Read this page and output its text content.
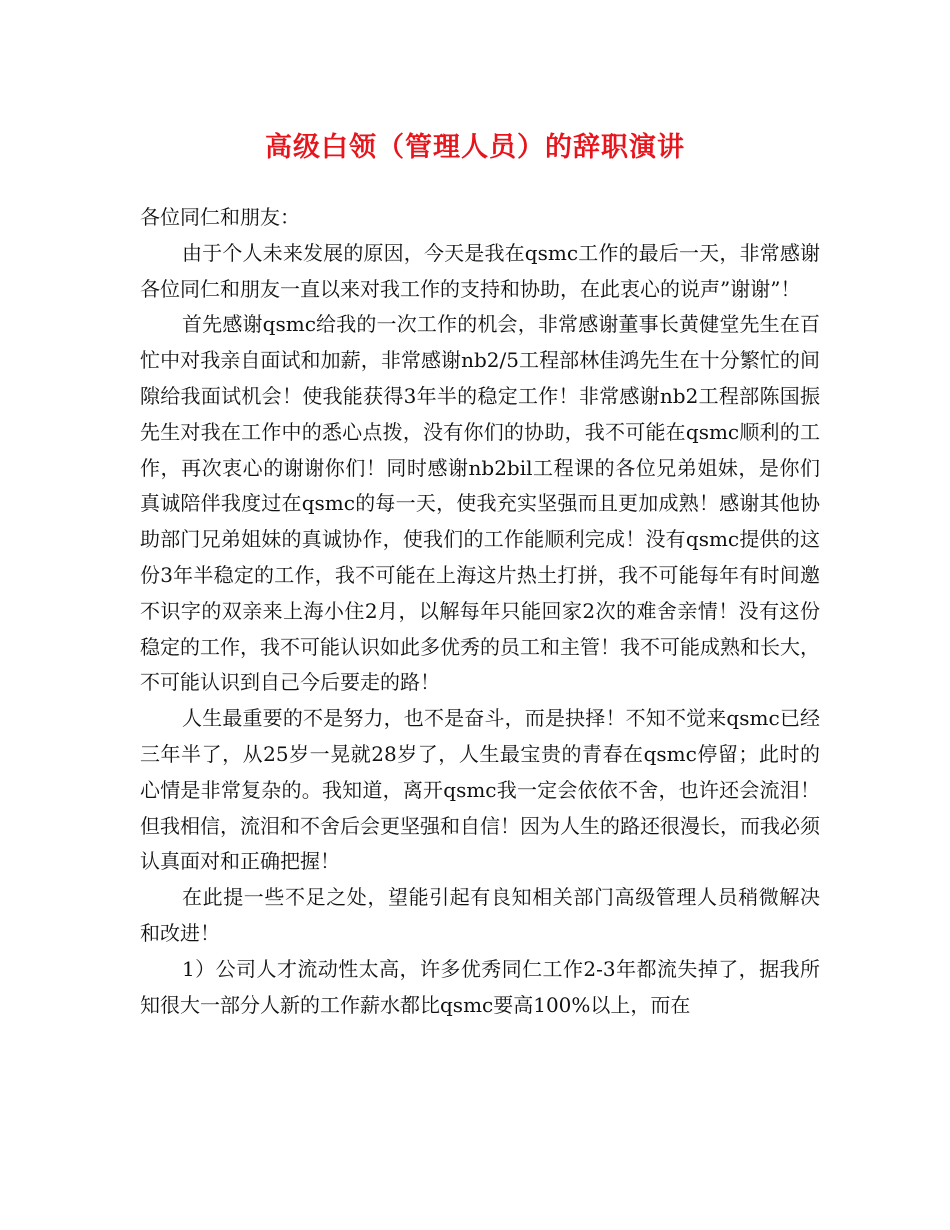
高级白领（管理人员）的辞职演讲

各位同仁和朋友：

由于个人未来发展的原因，今天是我在qsmc工作的最后一天，非常感谢各位同仁和朋友一直以来对我工作的支持和协助，在此衷心的说声”谢谢”！

首先感谢qsmc给我的一次工作的机会，非常感谢董事长黄健堂先生在百忙中对我亲自面试和加薪，非常感谢nb2/5工程部林佳鸿先生在十分繁忙的间隙给我面试机会！使我能获得3年半的稳定工作！非常感谢nb2工程部陈国振先生对我在工作中的悉心点拨，没有你们的协助，我不可能在qsmc顺利的工作，再次衷心的谢谢你们！同时感谢nb2bil工程课的各位兄弟姐妹，是你们真诚陪伴我度过在qsmc的每一天，使我充实坚强而且更加成熟！感谢其他协助部门兄弟姐妹的真诚协作，使我们的工作能顺利完成！没有qsmc提供的这份3年半稳定的工作，我不可能在上海这片热土打拼，我不可能每年有时间邀不识字的双亲来上海小住2月，以解每年只能回家2次的难舍亲情！没有这份稳定的工作，我不可能认识如此多优秀的员工和主管！我不可能成熟和长大，不可能认识到自己今后要走的路！

人生最重要的不是努力，也不是奋斗，而是抉择！不知不觉来qsmc已经三年半了，从25岁一晃就28岁了，人生最宝贵的青春在qsmc停留；此时的心情是非常复杂的。我知道，离开qsmc我一定会依依不舍，也许还会流泪！但我相信，流泪和不舍后会更坚强和自信！因为人生的路还很漫长，而我必须认真面对和正确把握！

在此提一些不足之处，望能引起有良知相关部门高级管理人员稍微解决和改进！

1）公司人才流动性太高，许多优秀同仁工作2-3年都流失掉了，据我所知很大一部分人新的工作薪水都比qsmc要高100%以上，而在
